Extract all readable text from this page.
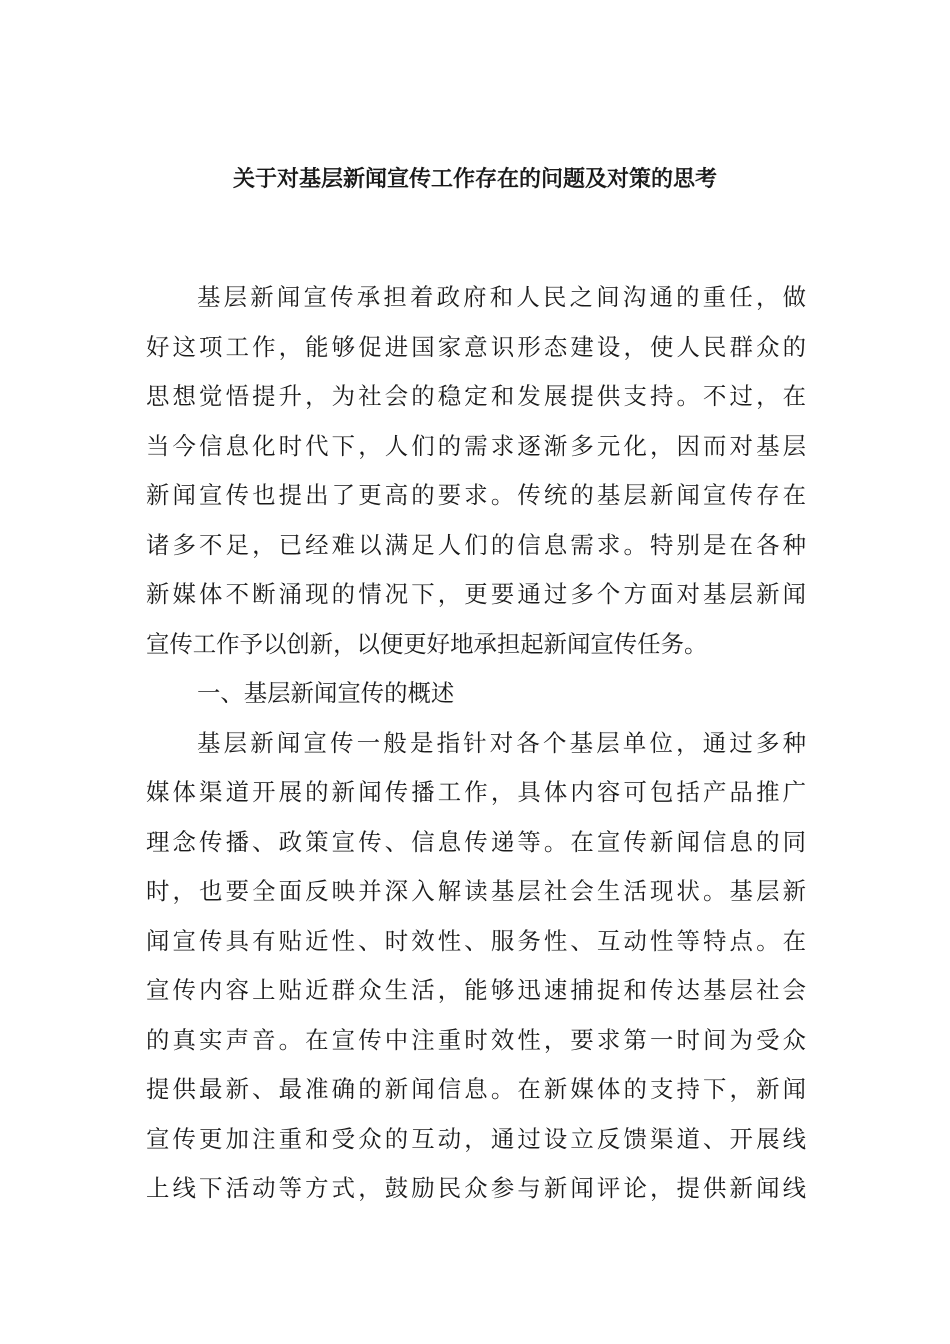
关于对基层新闻宣传工作存在的问题及对策的思考
基层新闻宣传承担着政府和人民之间沟通的重任，做
好这项工作，能够促进国家意识形态建设，使人民群众的
思想觉悟提升，为社会的稳定和发展提供支持。不过，在
当今信息化时代下，人们的需求逐渐多元化，因而对基层
新闻宣传也提出了更高的要求。传统的基层新闻宣传存在
诸多不足，已经难以满足人们的信息需求。特别是在各种
新媒体不断涌现的情况下，更要通过多个方面对基层新闻
宣传工作予以创新，以便更好地承担起新闻宣传任务。
一、基层新闻宣传的概述
基层新闻宣传一般是指针对各个基层单位，通过多种
媒体渠道开展的新闻传播工作，具体内容可包括产品推广
理念传播、政策宣传、信息传递等。在宣传新闻信息的同
时，也要全面反映并深入解读基层社会生活现状。基层新
闻宣传具有贴近性、时效性、服务性、互动性等特点。在
宣传内容上贴近群众生活，能够迅速捕捉和传达基层社会
的真实声音。在宣传中注重时效性，要求第一时间为受众
提供最新、最准确的新闻信息。在新媒体的支持下，新闻
宣传更加注重和受众的互动，通过设立反馈渠道、开展线
上线下活动等方式，鼓励民众参与新闻评论，提供新闻线
